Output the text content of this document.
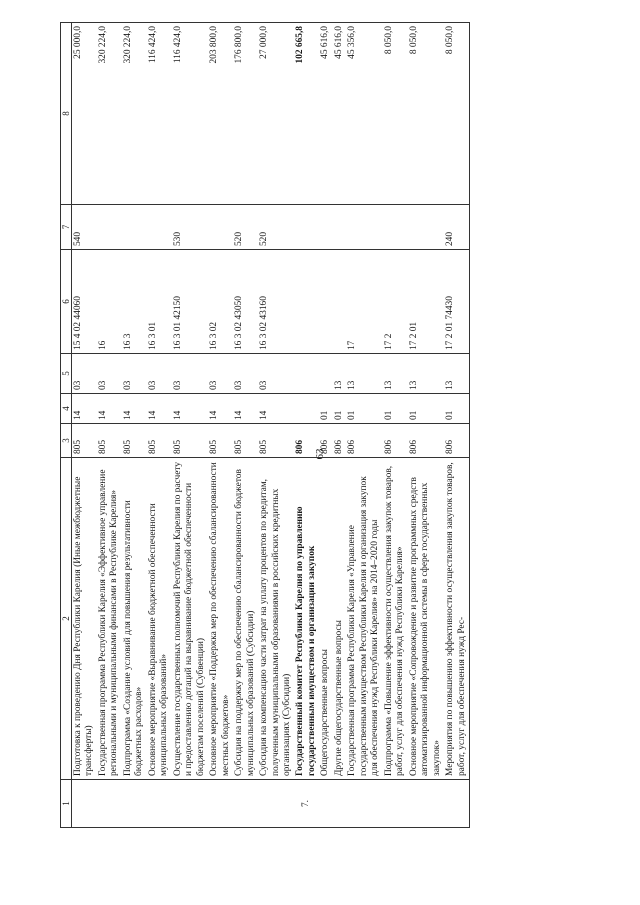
63
1	2	3	4	5	6	7	8
	Подготовка к проведению Дня Республики Карелия (Иные межбюджетные трансферты)	805	14	03	15 4 02 44060	540	25 000,0
	Государственная программа Республики Карелия «Эффективное управление региональными и муниципальными финансами в Республике Карелия»	805	14	03	16		320 224,0
	Подпрограмма «Создание условий для повышения результативности бюджетных расходов»	805	14	03	16 3		320 224,0
	Основное мероприятие «Выравнивание бюджетной обеспеченности муниципальных образований»	805	14	03	16 3 01		116 424,0
	Осуществление государственных полномочий Республики Карелия по расчету и предоставлению дотаций на выравнивание бюджетной обеспеченности бюджетам поселений (Субвенции)	805	14	03	16 3 01 42150	530	116 424,0
	Основное мероприятие «Поддержка мер по обеспечению сбалансированности местных бюджетов»	805	14	03	16 3 02		203 800,0
	Субсидия на поддержку мер по обеспечению сбалансированности бюджетов муниципальных образований (Субсидии)	805	14	03	16 3 02 43050	520	176 800,0
	Субсидия на компенсацию части затрат на уплату процентов по кредитам, полученным муниципальными образованиями в российских кредитных организациях (Субсидии)	805	14	03	16 3 02 43160	520	27 000,0
7.	Государственный комитет Республики Карелия по управлению государственным имуществом и организации закупок	806					102 665,8
	Общегосударственные вопросы	806	01				45 616,0
	Другие общегосударственные вопросы	806	01	13			45 616,0
	Государственная программа Республики Карелия «Управление государственным имуществом Республики Карелия и организация закупок для обеспечения нужд Республики Карелия» на 2014–2020 годы	806	01	13	17		45 356,0
	Подпрограмма «Повышение эффективности осуществления закупок товаров, работ, услуг для обеспечения нужд Республики Карелия»	806	01	13	17 2		8 050,0
	Основное мероприятие «Сопровождение и развитие программных средств автоматизированной информационной системы в сфере государственных закупок»	806	01	13	17 2 01		8 050,0
	Мероприятия по повышению эффективности осуществления закупок товаров, работ, услуг для обеспечения нужд Рес-	806	01	13	17 2 01 74430	240	8 050,0
